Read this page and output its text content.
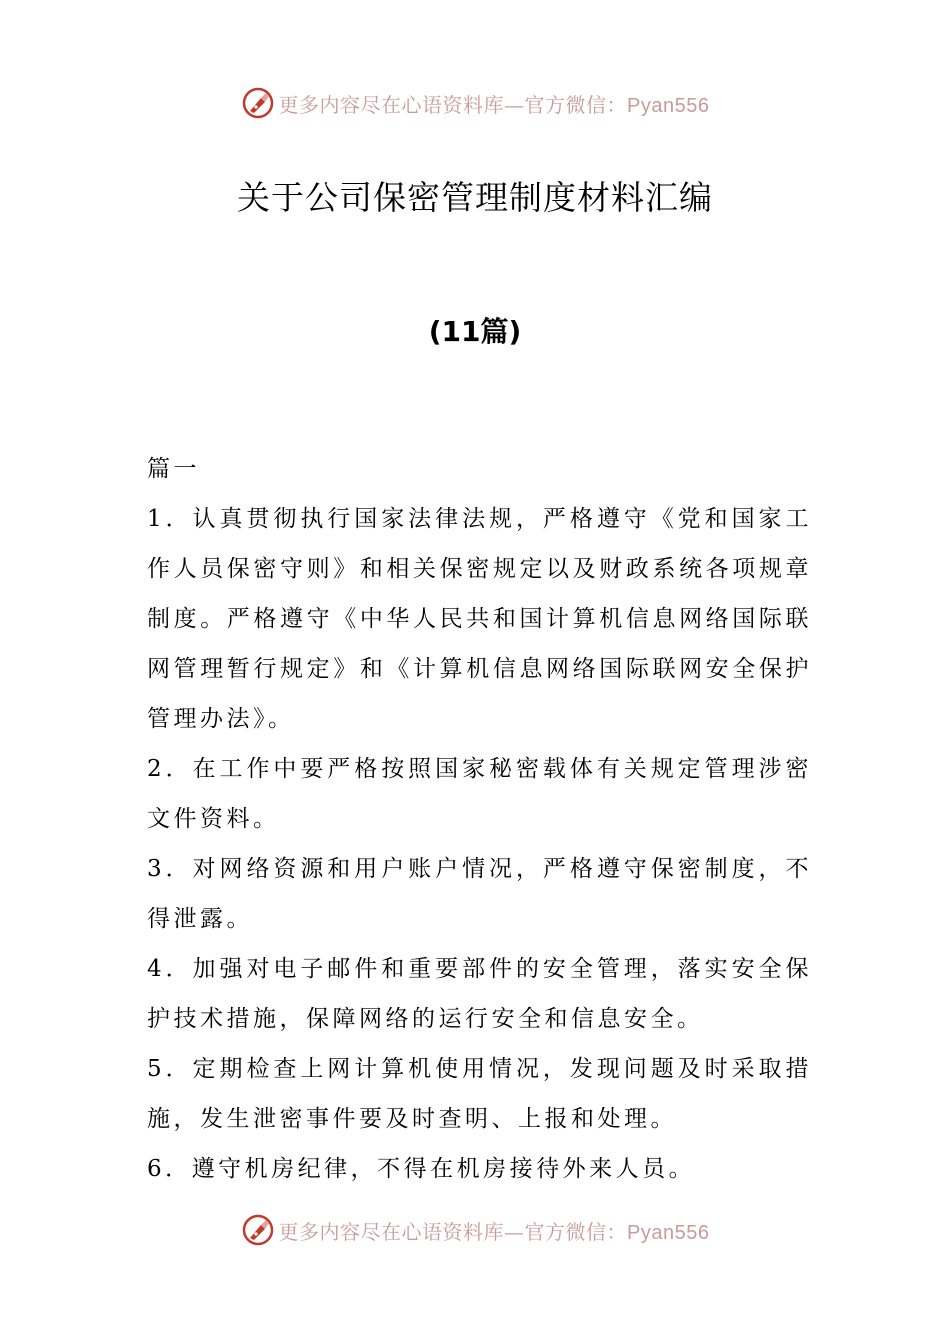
更多内容尽在心语资料库—官方微信：Pyan556
关于公司保密管理制度材料汇编
(11篇)

篇一

1．认真贯彻执行国家法律法规，严格遵守《党和国家工作人员保密守则》和相关保密规定以及财政系统各项规章制度。严格遵守《中华人民共和国计算机信息网络国际联网管理暂行规定》和《计算机信息网络国际联网安全保护管理办法》。

2．在工作中要严格按照国家秘密载体有关规定管理涉密文件资料。

3．对网络资源和用户账户情况，严格遵守保密制度，不得泄露。

4．加强对电子邮件和重要部件的安全管理，落实安全保护技术措施，保障网络的运行安全和信息安全。

5．定期检查上网计算机使用情况，发现问题及时采取措施，发生泄密事件要及时查明、上报和处理。

6．遵守机房纪律，不得在机房接待外来人员。

更多内容尽在心语资料库—官方微信：Pyan556
